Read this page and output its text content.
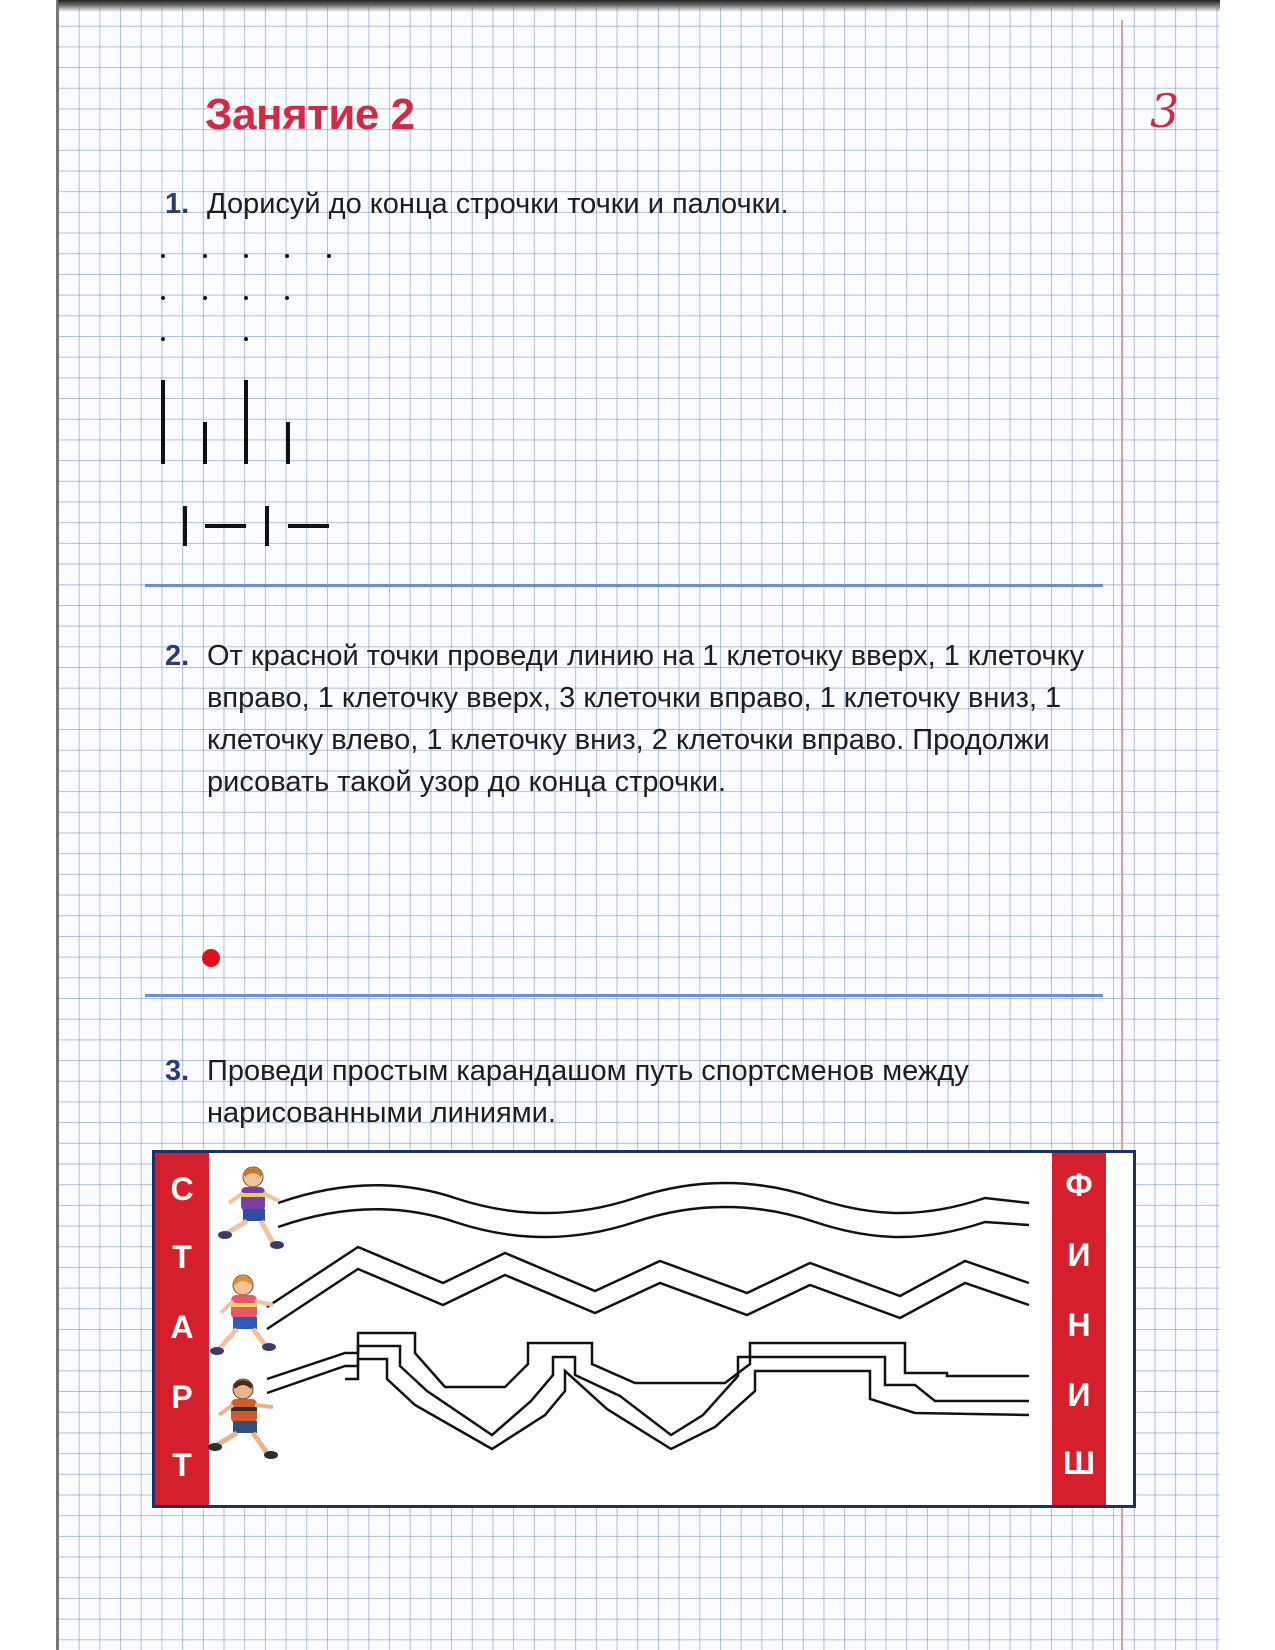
Занятие 2	3
1. Дорисуй до конца строчки точки и палочки.
2. От красной точки проведи линию на 1 клеточку вверх, 1 клеточку вправо, 1 клеточку вверх, 3 клеточки вправо, 1 клеточку вниз, 1 клеточку влево, 1 клеточку вниз, 2 клеточки вправо. Продолжи рисовать такой узор до конца строчки.
3. Проведи простым карандашом путь спортсменов между нарисованными линиями.
С
Т
А
Р
Т
Ф
И
Н
И
Ш
